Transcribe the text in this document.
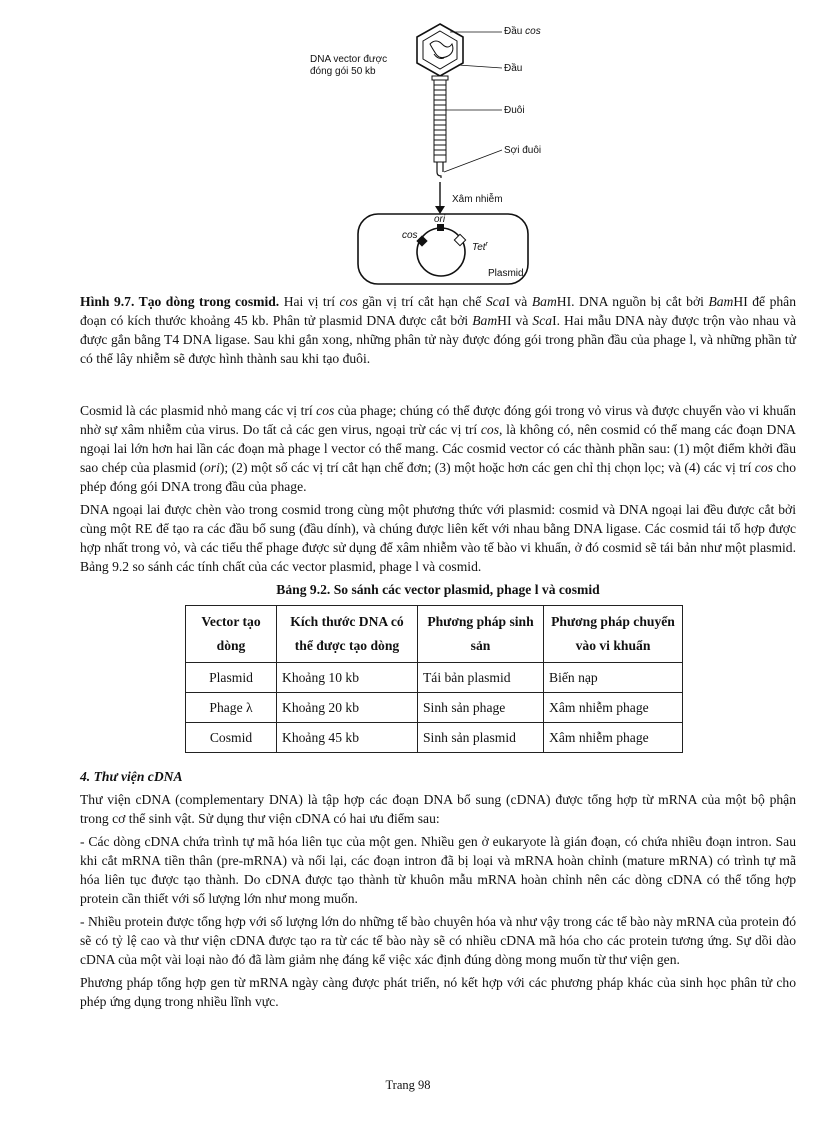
DNA vector được
đóng gói 50 kb
Đầu cos
Đầu
Đuôi
Sợi đuôi
Xâm nhiễm
ori
cos
Tet$^r$
Plasmid

Hình 9.7. Tạo dòng trong cosmid. Hai vị trí cos gần vị trí cắt hạn chế ScaI và BamHI. DNA nguồn bị cắt bởi BamHI để phân đoạn có kích thước khoảng 45 kb. Phân tử plasmid DNA được cắt bởi BamHI và ScaI. Hai mẫu DNA này được trộn vào nhau và được gắn bằng T4 DNA ligase. Sau khi gắn xong, những phân tử này được đóng gói trong phần đầu của phage l, và những phần tử có thể lây nhiễm sẽ được hình thành sau khi tạo đuôi.

Cosmid là các plasmid nhỏ mang các vị trí cos của phage; chúng có thể được đóng gói trong vỏ virus và được chuyển vào vi khuẩn nhờ sự xâm nhiễm của virus. Do tất cả các gen virus, ngoại trừ các vị trí cos, là không có, nên cosmid có thể mang các đoạn DNA ngoại lai lớn hơn hai lần các đoạn mà phage l vector có thể mang. Các cosmid vector có các thành phần sau: (1) một điểm khởi đầu sao chép của plasmid (ori); (2) một số các vị trí cắt hạn chế đơn; (3) một hoặc hơn các gen chỉ thị chọn lọc; và (4) các vị trí cos cho phép đóng gói DNA trong đầu của phage.

DNA ngoại lai được chèn vào trong cosmid trong cùng một phương thức với plasmid: cosmid và DNA ngoại lai đều được cắt bởi cùng một RE để tạo ra các đầu bổ sung (đầu dính), và chúng được liên kết với nhau bằng DNA ligase. Các cosmid tái tổ hợp được hợp nhất trong vỏ, và các tiểu thể phage được sử dụng để xâm nhiễm vào tế bào vi khuẩn, ở đó cosmid sẽ tái bản như một plasmid. Bảng 9.2 so sánh các tính chất của các vector plasmid, phage l và cosmid.

Bảng 9.2. So sánh các vector plasmid, phage l và cosmid
Vector tạo dòng	Kích thước DNA có thể được tạo dòng	Phương pháp sinh sản	Phương pháp chuyển vào vi khuẩn
Plasmid	Khoảng 10 kb	Tái bản plasmid	Biến nạp
Phage λ	Khoảng 20 kb	Sinh sản phage	Xâm nhiễm phage
Cosmid	Khoảng 45 kb	Sinh sản plasmid	Xâm nhiễm phage
4. Thư viện cDNA

Thư viện cDNA (complementary DNA) là tập hợp các đoạn DNA bổ sung (cDNA) được tổng hợp từ mRNA của một bộ phận trong cơ thể sinh vật. Sử dụng thư viện cDNA có hai ưu điểm sau:

- Các dòng cDNA chứa trình tự mã hóa liên tục của một gen. Nhiều gen ở eukaryote là gián đoạn, có chứa nhiều đoạn intron. Sau khi cắt mRNA tiền thân (pre-mRNA) và nối lại, các đoạn intron đã bị loại và mRNA hoàn chỉnh (mature mRNA) có trình tự mã hóa liên tục được tạo thành. Do cDNA được tạo thành từ khuôn mẫu mRNA hoàn chỉnh nên các dòng cDNA có thể tổng hợp protein cần thiết với số lượng lớn như mong muốn.

- Nhiều protein được tổng hợp với số lượng lớn do những tế bào chuyên hóa và như vậy trong các tế bào này mRNA của protein đó sẽ có tỷ lệ cao và thư viện cDNA được tạo ra từ các tế bào này sẽ có nhiều cDNA mã hóa cho các protein tương ứng. Sự dồi dào cDNA của một vài loại nào đó đã làm giảm nhẹ đáng kể việc xác định đúng dòng mong muốn từ thư viện gen.

Phương pháp tổng hợp gen từ mRNA ngày càng được phát triển, nó kết hợp với các phương pháp khác của sinh học phân tử cho phép ứng dụng trong nhiều lĩnh vực.

Trang 98
